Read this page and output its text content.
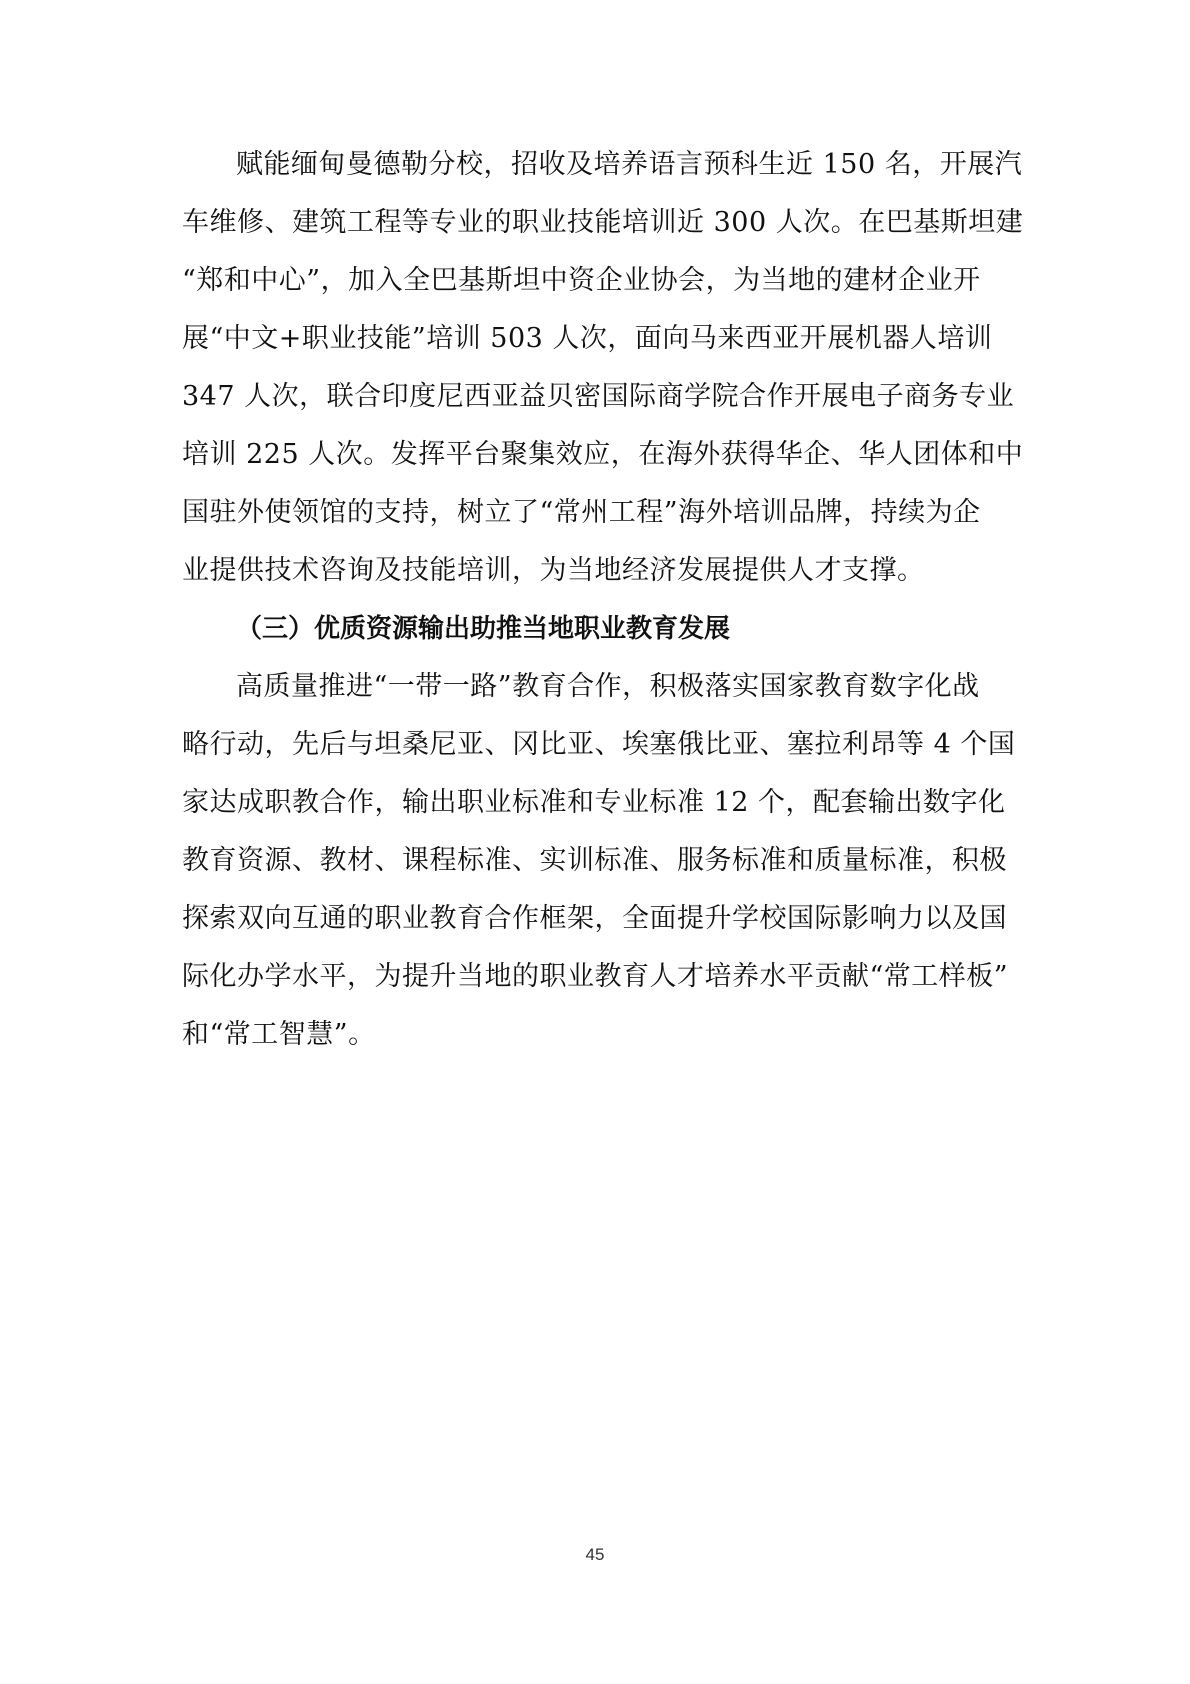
赋能缅甸曼德勒分校，招收及培养语言预科生近 150 名，开展汽
车维修、建筑工程等专业的职业技能培训近 300 人次。在巴基斯坦建
“郑和中心”，加入全巴基斯坦中资企业协会，为当地的建材企业开
展“中文+职业技能”培训 503 人次，面向马来西亚开展机器人培训
347 人次，联合印度尼西亚益贝密国际商学院合作开展电子商务专业
培训 225 人次。发挥平台聚集效应，在海外获得华企、华人团体和中
国驻外使领馆的支持，树立了“常州工程”海外培训品牌，持续为企
业提供技术咨询及技能培训，为当地经济发展提供人才支撑。
（三）优质资源输出助推当地职业教育发展
高质量推进“一带一路”教育合作，积极落实国家教育数字化战
略行动，先后与坦桑尼亚、冈比亚、埃塞俄比亚、塞拉利昂等 4 个国
家达成职教合作，输出职业标准和专业标准 12 个，配套输出数字化
教育资源、教材、课程标准、实训标准、服务标准和质量标准，积极
探索双向互通的职业教育合作框架，全面提升学校国际影响力以及国
际化办学水平，为提升当地的职业教育人才培养水平贡献“常工样板”
和“常工智慧”。
45
